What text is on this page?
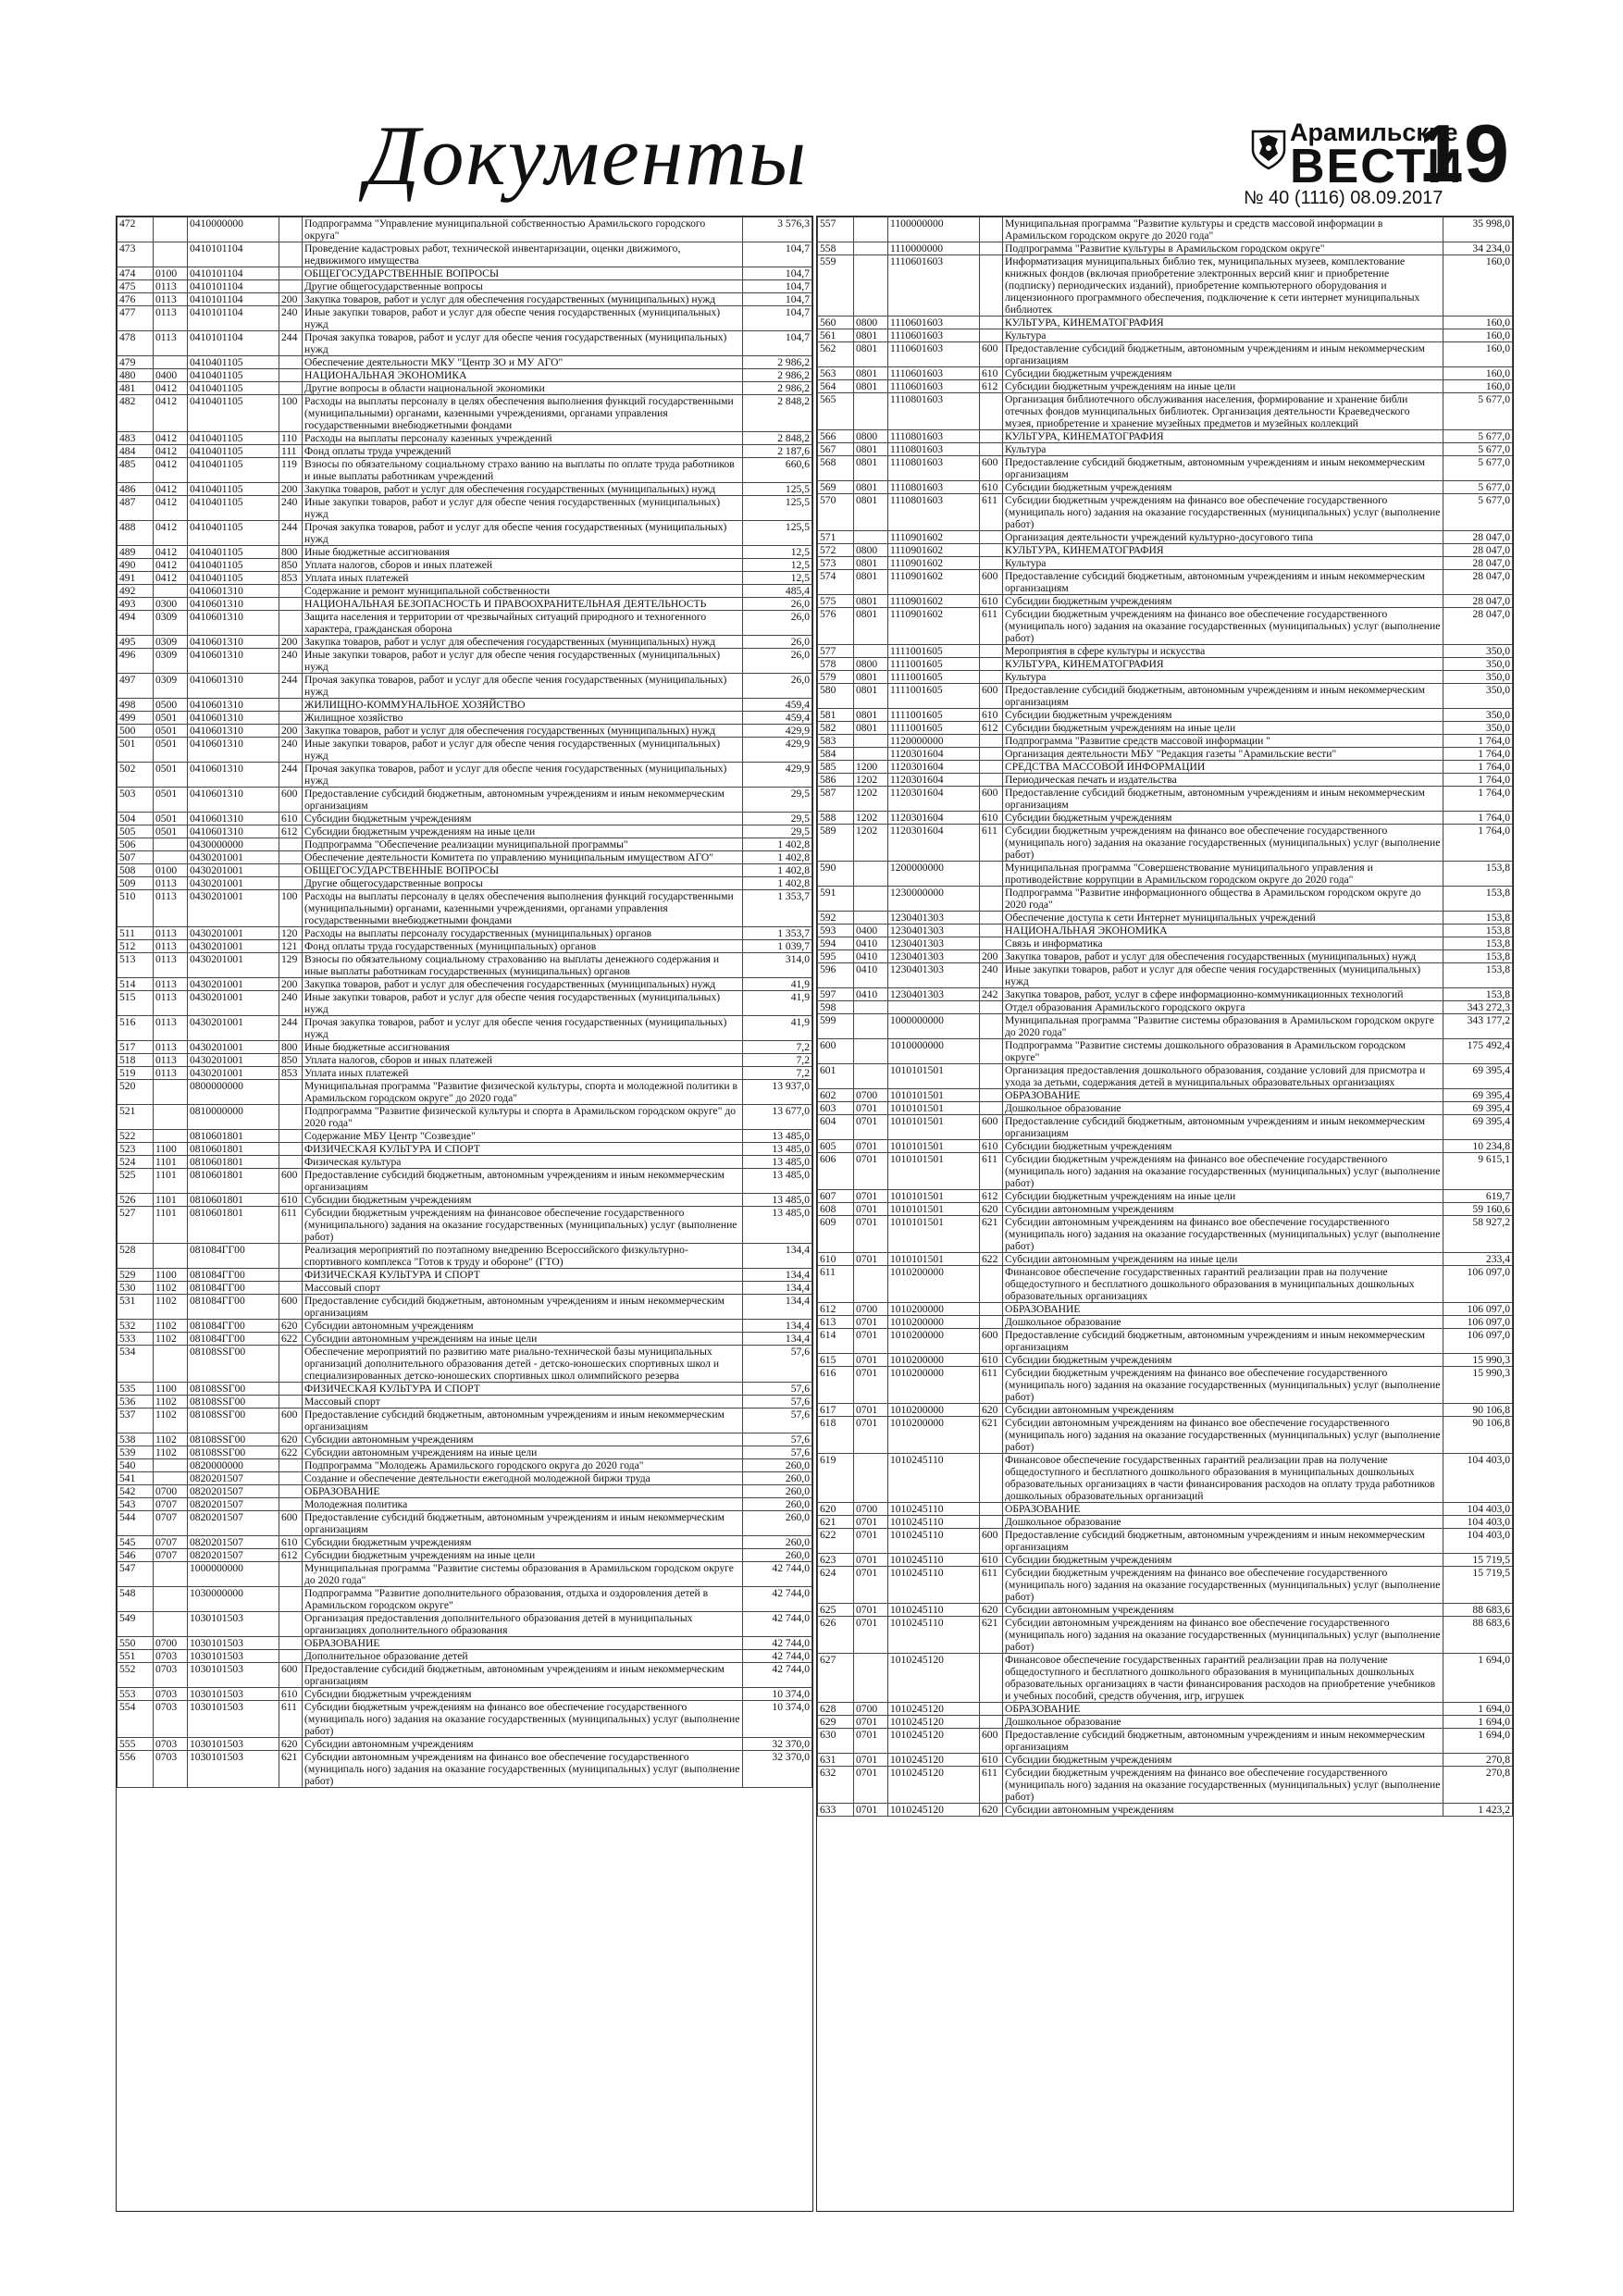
Документы	Арамильские
ВЕСТИ
№ 40 (1116) 08.09.2017
19
472		0410000000		Подпрограмма "Управление муниципальной собственностью Арамильского городского округа"	3 576,3
473		0410101104		Проведение кадастровых работ, технической инвентаризации, оценки движимого, недвижимого имущества	104,7
474	0100	0410101104		ОБЩЕГОСУДАРСТВЕННЫЕ ВОПРОСЫ	104,7
475	0113	0410101104		Другие общегосударственные вопросы	104,7
476	0113	0410101104	200	Закупка товаров, работ и услуг для обеспечения государственных (муниципальных) нужд	104,7
477	0113	0410101104	240	Иные закупки товаров, работ и услуг для обеспе чения государственных (муниципальных) нужд	104,7
478	0113	0410101104	244	Прочая закупка товаров, работ и услуг для обеспе чения государственных (муниципальных) нужд	104,7
479		0410401105		Обеспечение деятельности МКУ "Центр ЗО и МУ АГО"	2 986,2
480	0400	0410401105		НАЦИОНАЛЬНАЯ ЭКОНОМИКА	2 986,2
481	0412	0410401105		Другие вопросы в области национальной экономики	2 986,2
482	0412	0410401105	100	Расходы на выплаты персоналу в целях обеспечения выполнения функций государственными (муниципальными) органами, казенными учреждениями, органами управления государственными внебюджетными фондами	2 848,2
483	0412	0410401105	110	Расходы на выплаты персоналу казенных учреждений	2 848,2
484	0412	0410401105	111	Фонд оплаты труда учреждений	2 187,6
485	0412	0410401105	119	Взносы по обязательному социальному страхо ванию на выплаты по оплате труда работников и иные выплаты работникам учреждений	660,6
486	0412	0410401105	200	Закупка товаров, работ и услуг для обеспечения государственных (муниципальных) нужд	125,5
487	0412	0410401105	240	Иные закупки товаров, работ и услуг для обеспе чения государственных (муниципальных) нужд	125,5
488	0412	0410401105	244	Прочая закупка товаров, работ и услуг для обеспе чения государственных (муниципальных) нужд	125,5
489	0412	0410401105	800	Иные бюджетные ассигнования	12,5
490	0412	0410401105	850	Уплата налогов, сборов и иных платежей	12,5
491	0412	0410401105	853	Уплата иных платежей	12,5
492		0410601310		Содержание и ремонт муниципальной собственности	485,4
493	0300	0410601310		НАЦИОНАЛЬНАЯ БЕЗОПАСНОСТЬ И ПРАВООХРАНИТЕЛЬНАЯ ДЕЯТЕЛЬНОСТЬ	26,0
494	0309	0410601310		Защита населения и территории от чрезвычайных ситуаций природного и техногенного характера, гражданская оборона	26,0
495	0309	0410601310	200	Закупка товаров, работ и услуг для обеспечения государственных (муниципальных) нужд	26,0
496	0309	0410601310	240	Иные закупки товаров, работ и услуг для обеспе чения государственных (муниципальных) нужд	26,0
497	0309	0410601310	244	Прочая закупка товаров, работ и услуг для обеспе чения государственных (муниципальных) нужд	26,0
498	0500	0410601310		ЖИЛИЩНО-КОММУНАЛЬНОЕ ХОЗЯЙСТВО	459,4
499	0501	0410601310		Жилищное хозяйство	459,4
500	0501	0410601310	200	Закупка товаров, работ и услуг для обеспечения государственных (муниципальных) нужд	429,9
501	0501	0410601310	240	Иные закупки товаров, работ и услуг для обеспе чения государственных (муниципальных) нужд	429,9
502	0501	0410601310	244	Прочая закупка товаров, работ и услуг для обеспе чения государственных (муниципальных) нужд	429,9
503	0501	0410601310	600	Предоставление субсидий бюджетным, автономным учреждениям и иным некоммерческим организациям	29,5
504	0501	0410601310	610	Субсидии бюджетным учреждениям	29,5
505	0501	0410601310	612	Субсидии бюджетным учреждениям на иные цели	29,5
506		0430000000		Подпрограмма "Обеспечение реализации муниципальной программы"	1 402,8
507		0430201001		Обеспечение деятельности Комитета по управлению муниципальным имуществом АГО"	1 402,8
508	0100	0430201001		ОБЩЕГОСУДАРСТВЕННЫЕ ВОПРОСЫ	1 402,8
509	0113	0430201001		Другие общегосударственные вопросы	1 402,8
510	0113	0430201001	100	Расходы на выплаты персоналу в целях обеспечения выполнения функций государственными (муниципальными) органами, казенными учреждениями, органами управления государственными внебюджетными фондами	1 353,7
511	0113	0430201001	120	Расходы на выплаты персоналу государственных (муниципальных) органов	1 353,7
512	0113	0430201001	121	Фонд оплаты труда государственных (муниципальных) органов	1 039,7
513	0113	0430201001	129	Взносы по обязательному социальному страхованию на выплаты денежного содержания и иные выплаты работникам государственных (муниципальных) органов	314,0
514	0113	0430201001	200	Закупка товаров, работ и услуг для обеспечения государственных (муниципальных) нужд	41,9
515	0113	0430201001	240	Иные закупки товаров, работ и услуг для обеспе чения государственных (муниципальных) нужд	41,9
516	0113	0430201001	244	Прочая закупка товаров, работ и услуг для обеспе чения государственных (муниципальных) нужд	41,9
517	0113	0430201001	800	Иные бюджетные ассигнования	7,2
518	0113	0430201001	850	Уплата налогов, сборов и иных платежей	7,2
519	0113	0430201001	853	Уплата иных платежей	7,2
520		0800000000		Муниципальная программа "Развитие физической культуры, спорта и молодежной политики в Арамильском городском округе" до 2020 года"	13 937,0
521		0810000000		Подпрограмма "Развитие физической культуры и спорта в Арамильском городском округе" до 2020 года"	13 677,0
522		0810601801		Содержание МБУ Центр "Созвездие"	13 485,0
523	1100	0810601801		ФИЗИЧЕСКАЯ КУЛЬТУРА И СПОРТ	13 485,0
524	1101	0810601801		Физическая культура	13 485,0
525	1101	0810601801	600	Предоставление субсидий бюджетным, автономным учреждениям и иным некоммерческим организациям	13 485,0
526	1101	0810601801	610	Субсидии бюджетным учреждениям	13 485,0
527	1101	0810601801	611	Субсидии бюджетным учреждениям на финансовое обеспечение государственного (муниципального) задания на оказание государственных (муниципальных) услуг (выполнение работ)	13 485,0
528		081084ГГ00		Реализация мероприятий по поэтапному внедрению Всероссийского физкультурно-спортивного комплекса "Готов к труду и обороне" (ГТО)	134,4
529	1100	081084ГГ00		ФИЗИЧЕСКАЯ КУЛЬТУРА И СПОРТ	134,4
530	1102	081084ГГ00		Массовый спорт	134,4
531	1102	081084ГГ00	600	Предоставление субсидий бюджетным, автономным учреждениям и иным некоммерческим организациям	134,4
532	1102	081084ГГ00	620	Субсидии автономным учреждениям	134,4
533	1102	081084ГГ00	622	Субсидии автономным учреждениям на иные цели	134,4
534		08108SSГ00		Обеспечение мероприятий по развитию мате риально-технической базы муниципальных организаций дополнительного образования детей - детско-юношеских спортивных школ и специализированных детско-юношеских спортивных школ олимпийского резерва	57,6
535	1100	08108SSГ00		ФИЗИЧЕСКАЯ КУЛЬТУРА И СПОРТ	57,6
536	1102	08108SSГ00		Массовый спорт	57,6
537	1102	08108SSГ00	600	Предоставление субсидий бюджетным, автономным учреждениям и иным некоммерческим организациям	57,6
538	1102	08108SSГ00	620	Субсидии автономным учреждениям	57,6
539	1102	08108SSГ00	622	Субсидии автономным учреждениям на иные цели	57,6
540		0820000000		Подпрограмма "Молодежь Арамильского городского округа до 2020 года"	260,0
541		0820201507		Создание и обеспечение деятельности ежегодной молодежной биржи труда	260,0
542	0700	0820201507		ОБРАЗОВАНИЕ	260,0
543	0707	0820201507		Молодежная политика	260,0
544	0707	0820201507	600	Предоставление субсидий бюджетным, автономным учреждениям и иным некоммерческим организациям	260,0
545	0707	0820201507	610	Субсидии бюджетным учреждениям	260,0
546	0707	0820201507	612	Субсидии бюджетным учреждениям на иные цели	260,0
547		1000000000		Муниципальная программа "Развитие системы образования в Арамильском городском округе до 2020 года"	42 744,0
548		1030000000		Подпрограмма "Развитие дополнительного образования, отдыха и оздоровления детей в Арамильском городском округе"	42 744,0
549		1030101503		Организация предоставления дополнительного образования детей в муниципальных организациях дополнительного образования	42 744,0
550	0700	1030101503		ОБРАЗОВАНИЕ	42 744,0
551	0703	1030101503		Дополнительное образование детей	42 744,0
552	0703	1030101503	600	Предоставление субсидий бюджетным, автономным учреждениям и иным некоммерческим организациям	42 744,0
553	0703	1030101503	610	Субсидии бюджетным учреждениям	10 374,0
554	0703	1030101503	611	Субсидии бюджетным учреждениям на финансо вое обеспечение государственного (муниципаль ного) задания на оказание государственных (муниципальных) услуг (выполнение работ)	10 374,0
555	0703	1030101503	620	Субсидии автономным учреждениям	32 370,0
556	0703	1030101503	621	Субсидии автономным учреждениям на финансо вое обеспечение государственного (муниципаль ного) задания на оказание государственных (муниципальных) услуг (выполнение работ)	32 370,0
557		1100000000		Муниципальная программа "Развитие культуры и средств массовой информации в Арамильском городском округе до 2020 года"	35 998,0
558		1110000000		Подпрограмма "Развитие культуры в Арамильском городском округе"	34 234,0
559		1110601603		Информатизация муниципальных библио тек, муниципальных музеев, комплектование книжных фондов (включая приобретение электронных версий книг и приобретение (подписку) периодических изданий), приобретение компьютерного оборудования и лицензионного программного обеспечения, подключение к сети интернет муниципальных библиотек	160,0
560	0800	1110601603		КУЛЬТУРА, КИНЕМАТОГРАФИЯ	160,0
561	0801	1110601603		Культура	160,0
562	0801	1110601603	600	Предоставление субсидий бюджетным, автономным учреждениям и иным некоммерческим организациям	160,0
563	0801	1110601603	610	Субсидии бюджетным учреждениям	160,0
564	0801	1110601603	612	Субсидии бюджетным учреждениям на иные цели	160,0
565		1110801603		Организация библиотечного обслуживания населения, формирование и хранение библи отечных фондов муниципальных библиотек. Организация деятельности Краеведческого музея, приобретение и хранение музейных предметов и музейных коллекций	5 677,0
566	0800	1110801603		КУЛЬТУРА, КИНЕМАТОГРАФИЯ	5 677,0
567	0801	1110801603		Культура	5 677,0
568	0801	1110801603	600	Предоставление субсидий бюджетным, автономным учреждениям и иным некоммерческим организациям	5 677,0
569	0801	1110801603	610	Субсидии бюджетным учреждениям	5 677,0
570	0801	1110801603	611	Субсидии бюджетным учреждениям на финансо вое обеспечение государственного (муниципаль ного) задания на оказание государственных (муниципальных) услуг (выполнение работ)	5 677,0
571		1110901602		Организация деятельности учреждений культурно-досугового типа	28 047,0
572	0800	1110901602		КУЛЬТУРА, КИНЕМАТОГРАФИЯ	28 047,0
573	0801	1110901602		Культура	28 047,0
574	0801	1110901602	600	Предоставление субсидий бюджетным, автономным учреждениям и иным некоммерческим организациям	28 047,0
575	0801	1110901602	610	Субсидии бюджетным учреждениям	28 047,0
576	0801	1110901602	611	Субсидии бюджетным учреждениям на финансо вое обеспечение государственного (муниципаль ного) задания на оказание государственных (муниципальных) услуг (выполнение работ)	28 047,0
577		1111001605		Мероприятия в сфере культуры и искусства	350,0
578	0800	1111001605		КУЛЬТУРА, КИНЕМАТОГРАФИЯ	350,0
579	0801	1111001605		Культура	350,0
580	0801	1111001605	600	Предоставление субсидий бюджетным, автономным учреждениям и иным некоммерческим организациям	350,0
581	0801	1111001605	610	Субсидии бюджетным учреждениям	350,0
582	0801	1111001605	612	Субсидии бюджетным учреждениям на иные цели	350,0
583		1120000000		Подпрограмма "Развитие средств массовой информации "	1 764,0
584		1120301604		Организация деятельности МБУ "Редакция газеты "Арамильские вести"	1 764,0
585	1200	1120301604		СРЕДСТВА МАССОВОЙ ИНФОРМАЦИИ	1 764,0
586	1202	1120301604		Периодическая печать и издательства	1 764,0
587	1202	1120301604	600	Предоставление субсидий бюджетным, автономным учреждениям и иным некоммерческим организациям	1 764,0
588	1202	1120301604	610	Субсидии бюджетным учреждениям	1 764,0
589	1202	1120301604	611	Субсидии бюджетным учреждениям на финансо вое обеспечение государственного (муниципаль ного) задания на оказание государственных (муниципальных) услуг (выполнение работ)	1 764,0
590		1200000000		Муниципальная программа "Совершенствование муниципального управления и противодействие коррупции в Арамильском городском округе до 2020 года"	153,8
591		1230000000		Подпрограмма "Развитие информационного общества в Арамильском городском округе до 2020 года"	153,8
592		1230401303		Обеспечение доступа к сети Интернет муниципальных учреждений	153,8
593	0400	1230401303		НАЦИОНАЛЬНАЯ ЭКОНОМИКА	153,8
594	0410	1230401303		Связь и информатика	153,8
595	0410	1230401303	200	Закупка товаров, работ и услуг для обеспечения государственных (муниципальных) нужд	153,8
596	0410	1230401303	240	Иные закупки товаров, работ и услуг для обеспе чения государственных (муниципальных) нужд	153,8
597	0410	1230401303	242	Закупка товаров, работ, услуг в сфере информационно-коммуникационных технологий	153,8
598				Отдел образования Арамильского городского округа	343 272,3
599		1000000000		Муниципальная программа "Развитие системы образования в Арамильском городском округе до 2020 года"	343 177,2
600		1010000000		Подпрограмма "Развитие системы дошкольного образования в Арамильском городском округе"	175 492,4
601		1010101501		Организация предоставления дошкольного образования, создание условий для присмотра и ухода за детьми, содержания детей в муниципальных образовательных организациях	69 395,4
602	0700	1010101501		ОБРАЗОВАНИЕ	69 395,4
603	0701	1010101501		Дошкольное образование	69 395,4
604	0701	1010101501	600	Предоставление субсидий бюджетным, автономным учреждениям и иным некоммерческим организациям	69 395,4
605	0701	1010101501	610	Субсидии бюджетным учреждениям	10 234,8
606	0701	1010101501	611	Субсидии бюджетным учреждениям на финансо вое обеспечение государственного (муниципаль ного) задания на оказание государственных (муниципальных) услуг (выполнение работ)	9 615,1
607	0701	1010101501	612	Субсидии бюджетным учреждениям на иные цели	619,7
608	0701	1010101501	620	Субсидии автономным учреждениям	59 160,6
609	0701	1010101501	621	Субсидии автономным учреждениям на финансо вое обеспечение государственного (муниципаль ного) задания на оказание государственных (муниципальных) услуг (выполнение работ)	58 927,2
610	0701	1010101501	622	Субсидии автономным учреждениям на иные цели	233,4
611		1010200000		Финансовое обеспечение государственных гарантий реализации прав на получение общедоступного и бесплатного дошкольного образования в муниципальных дошкольных образовательных организациях	106 097,0
612	0700	1010200000		ОБРАЗОВАНИЕ	106 097,0
613	0701	1010200000		Дошкольное образование	106 097,0
614	0701	1010200000	600	Предоставление субсидий бюджетным, автономным учреждениям и иным некоммерческим организациям	106 097,0
615	0701	1010200000	610	Субсидии бюджетным учреждениям	15 990,3
616	0701	1010200000	611	Субсидии бюджетным учреждениям на финансо вое обеспечение государственного (муниципаль ного) задания на оказание государственных (муниципальных) услуг (выполнение работ)	15 990,3
617	0701	1010200000	620	Субсидии автономным учреждениям	90 106,8
618	0701	1010200000	621	Субсидии автономным учреждениям на финансо вое обеспечение государственного (муниципаль ного) задания на оказание государственных (муниципальных) услуг (выполнение работ)	90 106,8
619		1010245110		Финансовое обеспечение государственных гарантий реализации прав на получение общедоступного и бесплатного дошкольного образования в муниципальных дошкольных образовательных организациях в части финансирования расходов на оплату труда работников дошкольных образовательных организаций	104 403,0
620	0700	1010245110		ОБРАЗОВАНИЕ	104 403,0
621	0701	1010245110		Дошкольное образование	104 403,0
622	0701	1010245110	600	Предоставление субсидий бюджетным, автономным учреждениям и иным некоммерческим организациям	104 403,0
623	0701	1010245110	610	Субсидии бюджетным учреждениям	15 719,5
624	0701	1010245110	611	Субсидии бюджетным учреждениям на финансо вое обеспечение государственного (муниципаль ного) задания на оказание государственных (муниципальных) услуг (выполнение работ)	15 719,5
625	0701	1010245110	620	Субсидии автономным учреждениям	88 683,6
626	0701	1010245110	621	Субсидии автономным учреждениям на финансо вое обеспечение государственного (муниципаль ного) задания на оказание государственных (муниципальных) услуг (выполнение работ)	88 683,6
627		1010245120		Финансовое обеспечение государственных гарантий реализации прав на получение общедоступного и бесплатного дошкольного образования в муниципальных дошкольных образовательных организациях в части финансирования расходов на приобретение учебников и учебных пособий, средств обучения, игр, игрушек	1 694,0
628	0700	1010245120		ОБРАЗОВАНИЕ	1 694,0
629	0701	1010245120		Дошкольное образование	1 694,0
630	0701	1010245120	600	Предоставление субсидий бюджетным, автономным учреждениям и иным некоммерческим организациям	1 694,0
631	0701	1010245120	610	Субсидии бюджетным учреждениям	270,8
632	0701	1010245120	611	Субсидии бюджетным учреждениям на финансо вое обеспечение государственного (муниципаль ного) задания на оказание государственных (муниципальных) услуг (выполнение работ)	270,8
633	0701	1010245120	620	Субсидии автономным учреждениям	1 423,2
